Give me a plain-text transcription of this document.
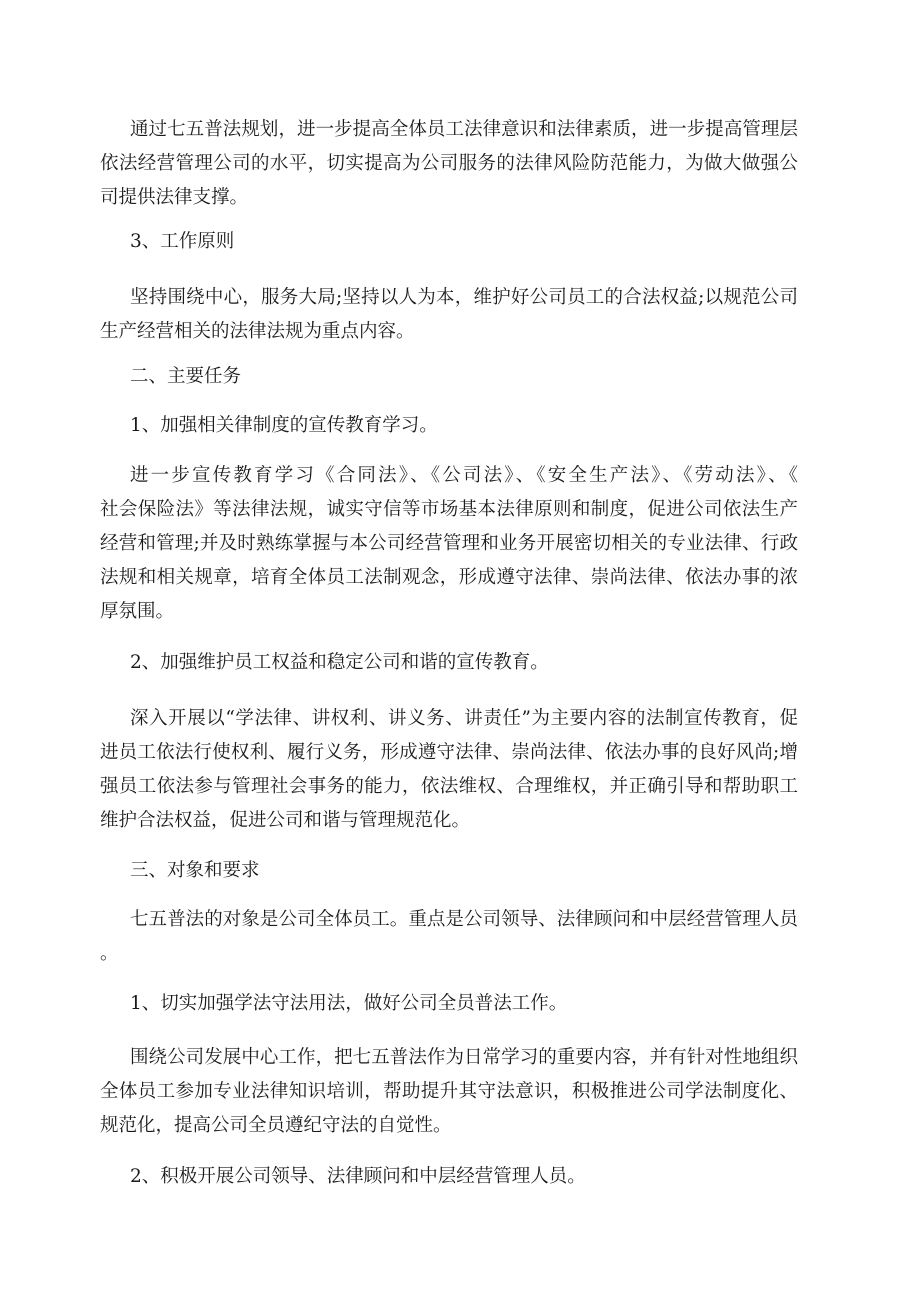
通过七五普法规划，进一步提高全体员工法律意识和法律素质，进一步提高管理层
依法经营管理公司的水平，切实提高为公司服务的法律风险防范能力，为做大做强公
司提供法律支撑。
3、工作原则
坚持围绕中心，服务大局;坚持以人为本，维护好公司员工的合法权益;以规范公司
生产经营相关的法律法规为重点内容。
二、主要任务
1、加强相关律制度的宣传教育学习。
进一步宣传教育学习《合同法》、《公司法》、《安全生产法》、《劳动法》、《
社会保险法》等法律法规，诚实守信等市场基本法律原则和制度，促进公司依法生产
经营和管理;并及时熟练掌握与本公司经营管理和业务开展密切相关的专业法律、行政
法规和相关规章，培育全体员工法制观念，形成遵守法律、崇尚法律、依法办事的浓
厚氛围。
2、加强维护员工权益和稳定公司和谐的宣传教育。
深入开展以“学法律、讲权利、讲义务、讲责任”为主要内容的法制宣传教育，促
进员工依法行使权利、履行义务，形成遵守法律、崇尚法律、依法办事的良好风尚;增
强员工依法参与管理社会事务的能力，依法维权、合理维权，并正确引导和帮助职工
维护合法权益，促进公司和谐与管理规范化。
三、对象和要求
七五普法的对象是公司全体员工。重点是公司领导、法律顾问和中层经营管理人员
。
1、切实加强学法守法用法，做好公司全员普法工作。
围绕公司发展中心工作，把七五普法作为日常学习的重要内容，并有针对性地组织
全体员工参加专业法律知识培训，帮助提升其守法意识，积极推进公司学法制度化、
规范化，提高公司全员遵纪守法的自觉性。
2、积极开展公司领导、法律顾问和中层经营管理人员。
